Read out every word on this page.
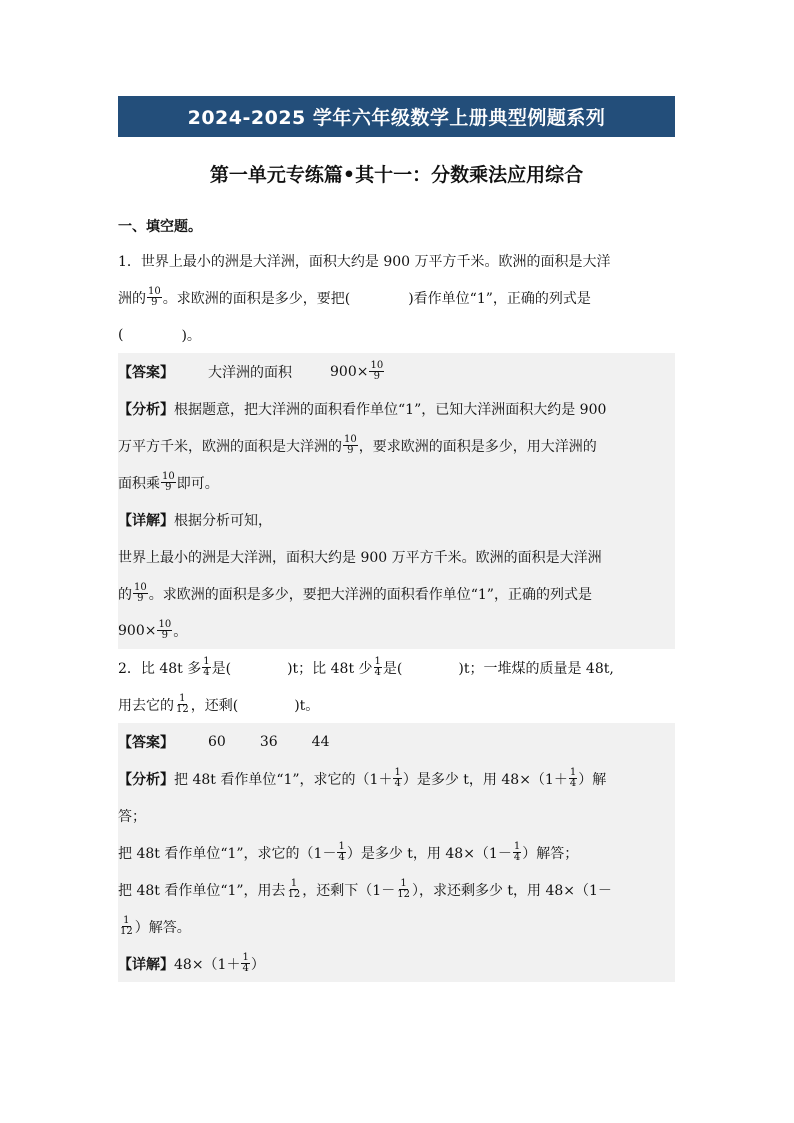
2024-2025 学年六年级数学上册典型例题系列
第一单元专练篇•其十一：分数乘法应用综合
一、填空题。
1．世界上最小的洲是大洋洲，面积大约是 900 万平方千米。欧洲的面积是大洋
洲的 $\frac{10}{9}$ 。求欧洲的面积是多少，要把(	)看作单位“1”，正确的列式是
(	)。
【答案】 大洋洲的面积	$900\times \frac{10}{9}$
【分析】 根据题意，把大洋洲的面积看作单位“1”，已知大洋洲面积大约是 900
万平方千米，欧洲的面积是大洋洲的 $\frac{10}{9}$ ，要求欧洲的面积是多少，用大洋洲的
面积乘 $\frac{10}{9}$ 即可。
【详解】 根据分析可知，
世界上最小的洲是大洋洲，面积大约是 900 万平方千米。欧洲的面积是大洋洲
的 $\frac{10}{9}$ 。求欧洲的面积是多少，要把大洋洲的面积看作单位“1”，正确的列式是
$900\times \frac{10}{9}$ 。
2．比 48t 多 $\frac{1}{4}$ 是(	)t；比 48t 少 $\frac{1}{4}$ 是(	)t；一堆煤的质量是 48t,
用去它的 $\frac{1}{12}$ ，还剩(	)t。
【答案】 60 36 44
【分析】 把 48t 看作单位“1”，求它的（$1+ \frac{1}{4}$ ）是多少 t，用 $48\times(1+ \frac{1}{4}$ ）解
答；
把 48t 看作单位“1”，求它的（$1- \frac{1}{4}$ ）是多少 t，用 $48\times(1- \frac{1}{4}$ ）解答；
把 48t 看作单位“1”，用去 $\frac{1}{12}$ ，还剩下（$1- \frac{1}{12}$ ），求还剩多少 t，用 48×（1－
$\frac{1}{12}$ ）解答。
【详解】 $48\times(1+ \frac{1}{4}$ ）
